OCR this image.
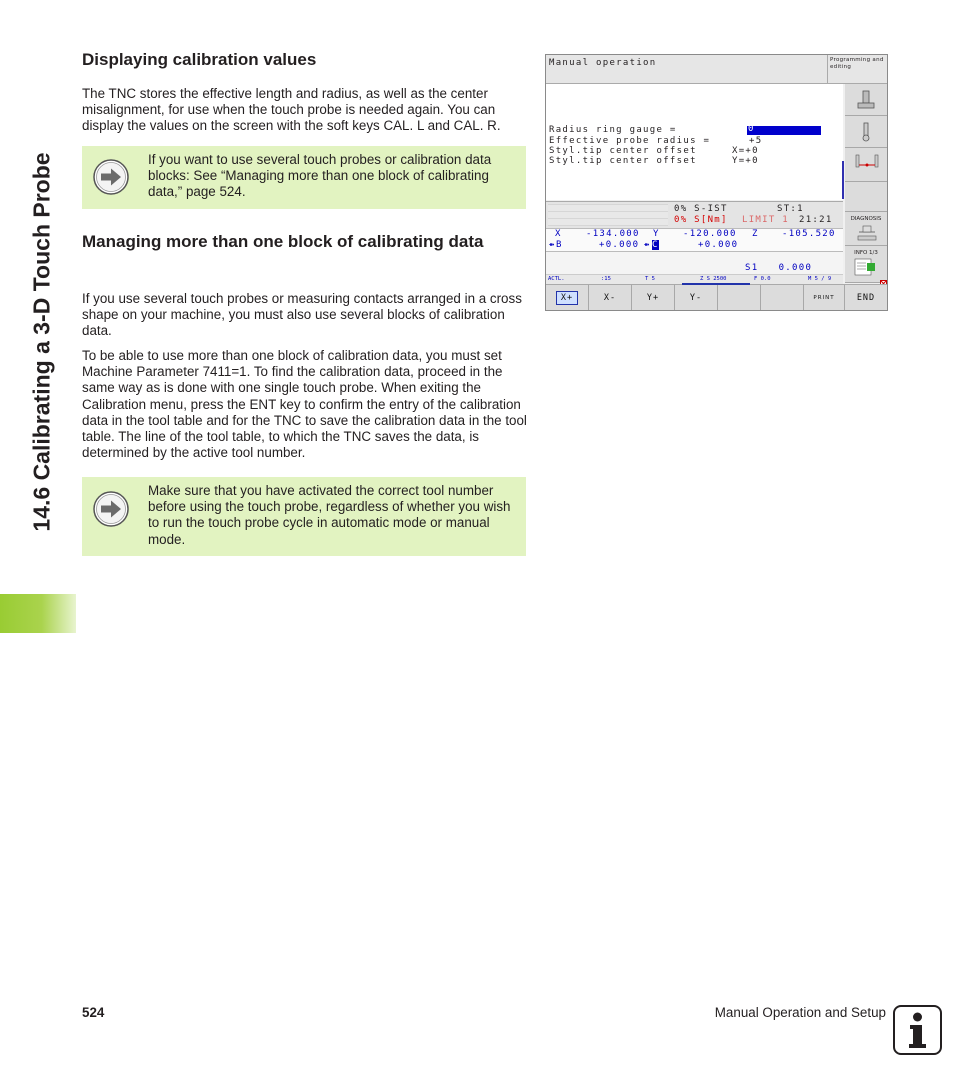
14.6 Calibrating a 3-D Touch Probe
Displaying calibration values

The TNC stores the effective length and radius, as well as the center misalignment, for use when the touch probe is needed again. You can display the values on the screen with the soft keys CAL. L and CAL. R.

If you want to use several touch probes or calibration data blocks: See “Managing more than one block of calibrating data,” page 524.

Managing more than one block of calibrating data

If you use several touch probes or measuring contacts arranged in a cross shape on your machine, you must also use several blocks of calibration data.

To be able to use more than one block of calibration data, you must set Machine Parameter 7411=1. To find the calibration data, proceed in the same way as is done with one single touch probe. When exiting the Calibration menu, press the ENT key to confirm the entry of the calibration data in the tool table and for the TNC to save the calibration data in the tool table. The line of the tool table, to which the TNC saves the data, is determined by the active tool number.

Make sure that you have activated the correct tool number before using the touch probe, regardless of whether you wish to run the touch probe cycle in automatic mode or manual mode.

Manual operation	Programming and editing
Radius ring gauge =	0
Effective probe radius =	+5
Styl.tip center offset	X=+0
Styl.tip center offset	Y=+0
0% S-IST	ST:1
0% S[Nm] LIMIT 1 21:21
X	-134.000 Y	-120.000 Z	-105.520
⇻ B	+0.000 ⇻ C	+0.000
S1   0.000
ACTL.	:15	T 5	Z S 2500	F 0.0	M 5 / 9
DIAGNOSIS
INFO 1/3
X+	X-	Y+	Y-	PRINT	END
524	Manual Operation and Setup
